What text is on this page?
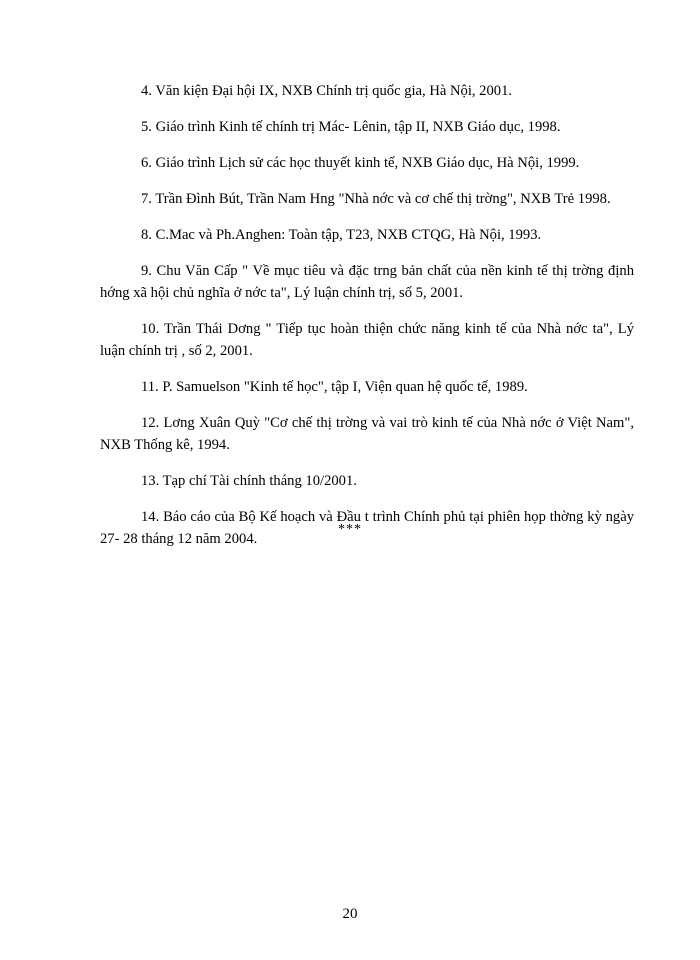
4. Văn kiện Đại hội IX, NXB Chính trị quốc gia, Hà Nội, 2001.

5. Giáo trình Kinh tế chính trị Mác- Lênin, tập II, NXB Giáo dục, 1998.

6. Giáo trình Lịch sử các học thuyết kinh tế, NXB Giáo dục, Hà Nội, 1999.

7. Trần Đình Bút, Trần Nam Hng "Nhà nớc và cơ chế thị trờng", NXB Trẻ 1998.

8. C.Mac và Ph.Anghen: Toàn tập, T23, NXB CTQG, Hà Nội, 1993.

9. Chu Văn Cấp " Về mục tiêu và đặc trng bản chất của nền kinh tế thị trờng định hớng xã hội chủ nghĩa ở nớc ta", Lý luận chính trị, số 5, 2001.

10. Trần Thái Dơng " Tiếp tục hoàn thiện chức năng kinh tế của Nhà nớc ta", Lý luận chính trị , số 2, 2001.

11. P. Samuelson "Kinh tế học", tập I, Viện quan hệ quốc tế, 1989.

12. Lơng Xuân Quỳ "Cơ chế thị trờng và vai trò kinh tế của Nhà nớc ở Việt Nam", NXB Thống kê, 1994.

13. Tạp chí Tài chính tháng 10/2001.

14. Báo cáo của Bộ Kế hoạch và Đầu t trình Chính phủ tại phiên họp thờng kỳ ngày 27- 28 tháng 12 năm 2004.

***
20
